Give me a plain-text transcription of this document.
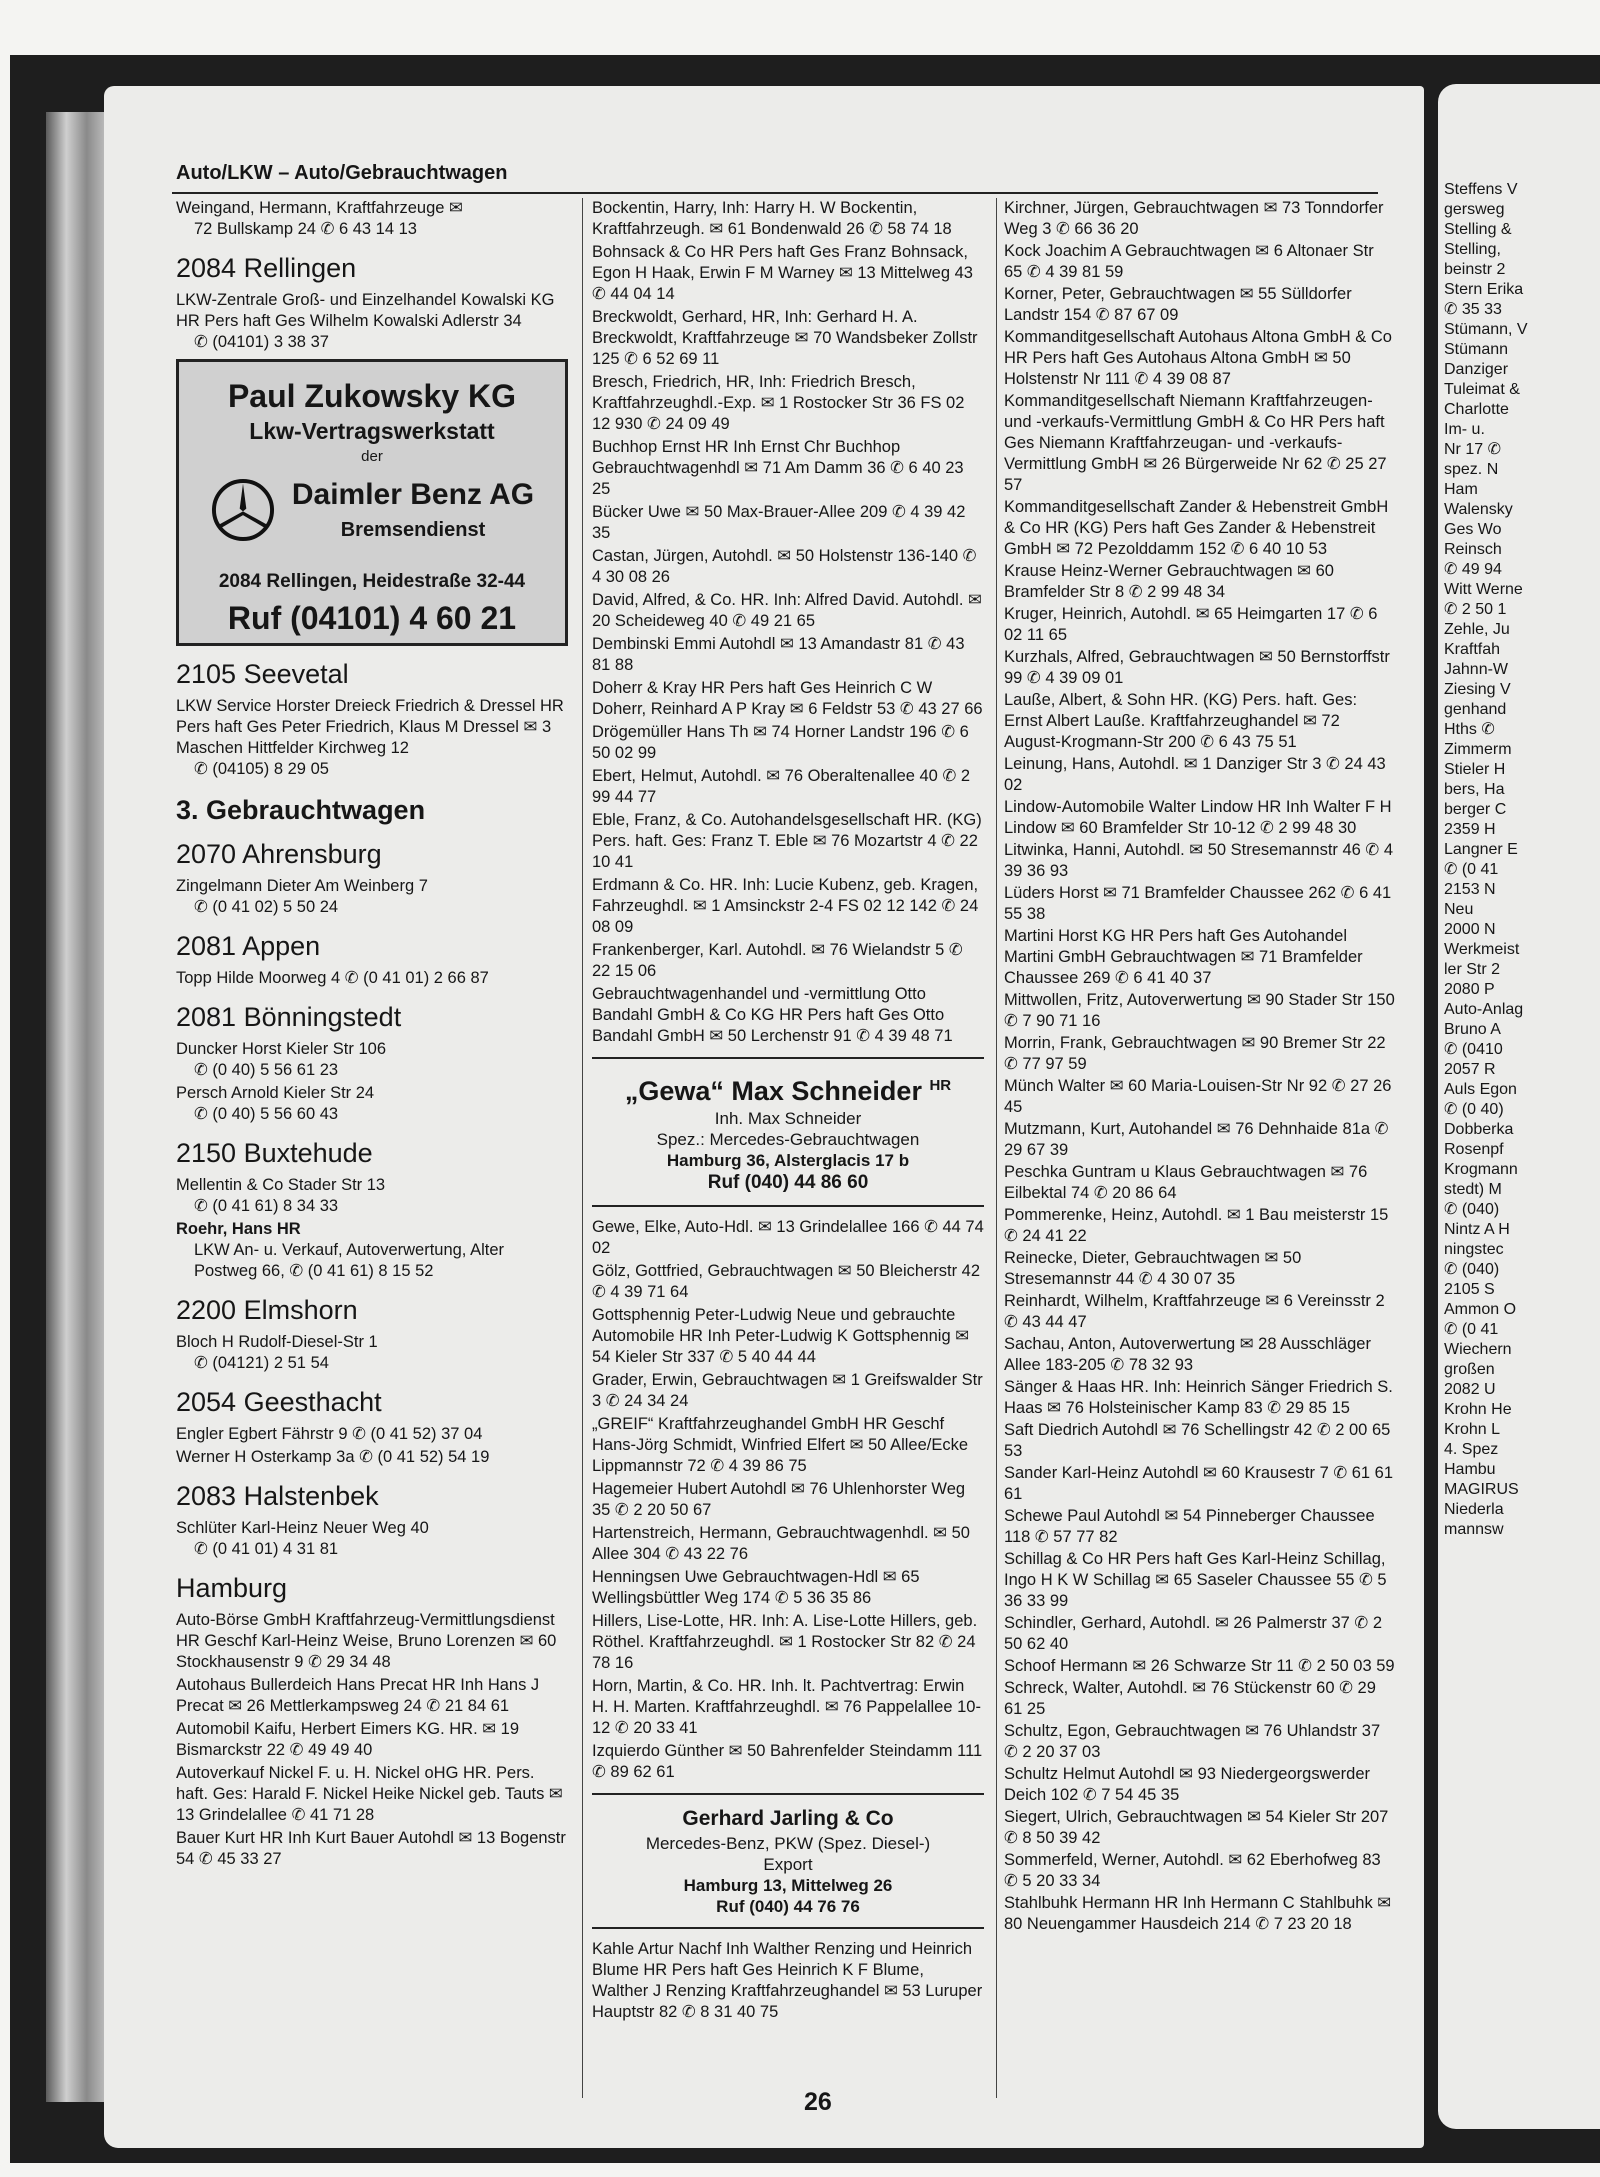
Auto/LKW – Auto/Gebrauchtwagen
Weingand, Hermann, Kraftfahrzeuge ✉
72 Bullskamp 24 ✆ 6 43 14 13
2084 Rellingen
LKW-Zentrale Groß- und Einzelhandel Kowalski KG HR Pers haft Ges Wilhelm Kowalski Adlerstr 34
✆ (04101) 3 38 37
Paul Zukowsky KG
Lkw-Vertragswerkstatt
der
Daimler Benz AG
Bremsendienst
2084 Rellingen, Heidestraße 32-44
Ruf (04101) 4 60 21
2105 Seevetal
LKW Service Horster Dreieck Friedrich & Dressel HR Pers haft Ges Peter Friedrich, Klaus M Dressel ✉ 3 Maschen Hittfelder Kirchweg 12
✆ (04105) 8 29 05
3. Gebrauchtwagen
2070 Ahrensburg
Zingelmann Dieter Am Weinberg 7
✆ (0 41 02) 5 50 24
2081 Appen
Topp Hilde Moorweg 4 ✆ (0 41 01) 2 66 87
2081 Bönningstedt
Duncker Horst Kieler Str 106
✆ (0 40) 5 56 61 23
Persch Arnold Kieler Str 24
✆ (0 40) 5 56 60 43
2150 Buxtehude
Mellentin & Co Stader Str 13
✆ (0 41 61) 8 34 33
Roehr, Hans HR
LKW An- u. Verkauf, Autoverwertung, Alter Postweg 66, ✆ (0 41 61) 8 15 52
2200 Elmshorn
Bloch H Rudolf-Diesel-Str 1
✆ (04121) 2 51 54
2054 Geesthacht
Engler Egbert Fährstr 9 ✆ (0 41 52) 37 04
Werner H Osterkamp 3a ✆ (0 41 52) 54 19
2083 Halstenbek
Schlüter Karl-Heinz Neuer Weg 40
✆ (0 41 01) 4 31 81
Hamburg
Auto-Börse GmbH Kraftfahrzeug-Vermittlungsdienst HR Geschf Karl-Heinz Weise, Bruno Lorenzen ✉ 60 Stockhausenstr 9 ✆ 29 34 48
Autohaus Bullerdeich Hans Precat HR Inh Hans J Precat ✉ 26 Mettlerkampsweg 24 ✆ 21 84 61
Automobil Kaifu, Herbert Eimers KG. HR. ✉ 19 Bismarckstr 22 ✆ 49 49 40
Autoverkauf Nickel F. u. H. Nickel oHG HR. Pers. haft. Ges: Harald F. Nickel Heike Nickel geb. Tauts ✉ 13 Grindelallee ✆ 41 71 28
Bauer Kurt HR Inh Kurt Bauer Autohdl ✉ 13 Bogenstr 54 ✆ 45 33 27
Bockentin, Harry, Inh: Harry H. W Bockentin, Kraftfahrzeugh. ✉ 61 Bondenwald 26 ✆ 58 74 18
Bohnsack & Co HR Pers haft Ges Franz Bohnsack, Egon H Haak, Erwin F M Warney ✉ 13 Mittelweg 43 ✆ 44 04 14
Breckwoldt, Gerhard, HR, Inh: Gerhard H. A. Breckwoldt, Kraftfahrzeuge ✉ 70 Wandsbeker Zollstr 125 ✆ 6 52 69 11
Bresch, Friedrich, HR, Inh: Friedrich Bresch, Kraftfahrzeughdl.-Exp. ✉ 1 Rostocker Str 36 FS 02 12 930 ✆ 24 09 49
Buchhop Ernst HR Inh Ernst Chr Buchhop Gebrauchtwagenhdl ✉ 71 Am Damm 36 ✆ 6 40 23 25
Bücker Uwe ✉ 50 Max-Brauer-Allee 209 ✆ 4 39 42 35
Castan, Jürgen, Autohdl. ✉ 50 Holstenstr 136-140 ✆ 4 30 08 26
David, Alfred, & Co. HR. Inh: Alfred David. Autohdl. ✉ 20 Scheideweg 40 ✆ 49 21 65
Dembinski Emmi Autohdl ✉ 13 Amandastr 81 ✆ 43 81 88
Doherr & Kray HR Pers haft Ges Heinrich C W Doherr, Reinhard A P Kray ✉ 6 Feldstr 53 ✆ 43 27 66
Drögemüller Hans Th ✉ 74 Horner Landstr 196 ✆ 6 50 02 99
Ebert, Helmut, Autohdl. ✉ 76 Oberaltenallee 40 ✆ 2 99 44 77
Eble, Franz, & Co. Autohandelsgesellschaft HR. (KG) Pers. haft. Ges: Franz T. Eble ✉ 76 Mozartstr 4 ✆ 22 10 41
Erdmann & Co. HR. Inh: Lucie Kubenz, geb. Kragen, Fahrzeughdl. ✉ 1 Amsinckstr 2-4 FS 02 12 142 ✆ 24 08 09
Frankenberger, Karl. Autohdl. ✉ 76 Wielandstr 5 ✆ 22 15 06
Gebrauchtwagenhandel und -vermittlung Otto Bandahl GmbH & Co KG HR Pers haft Ges Otto Bandahl GmbH ✉ 50 Lerchenstr 91 ✆ 4 39 48 71
„Gewa“ Max Schneider $^{HR}$
Inh. Max Schneider
Spez.: Mercedes-Gebrauchtwagen
Hamburg 36, Alsterglacis 17 b
Ruf (040) 44 86 60
Gewe, Elke, Auto-Hdl. ✉ 13 Grindelallee 166 ✆ 44 74 02
Gölz, Gottfried, Gebrauchtwagen ✉ 50 Bleicherstr 42 ✆ 4 39 71 64
Gottsphennig Peter-Ludwig Neue und gebrauchte Automobile HR Inh Peter-Ludwig K Gottsphennig ✉ 54 Kieler Str 337 ✆ 5 40 44 44
Grader, Erwin, Gebrauchtwagen ✉ 1 Greifswalder Str 3 ✆ 24 34 24
„GREIF“ Kraftfahrzeughandel GmbH HR Geschf Hans-Jörg Schmidt, Winfried Elfert ✉ 50 Allee/Ecke Lippmannstr 72 ✆ 4 39 86 75
Hagemeier Hubert Autohdl ✉ 76 Uhlenhorster Weg 35 ✆ 2 20 50 67
Hartenstreich, Hermann, Gebrauchtwagenhdl. ✉ 50 Allee 304 ✆ 43 22 76
Henningsen Uwe Gebrauchtwagen-Hdl ✉ 65 Wellingsbüttler Weg 174 ✆ 5 36 35 86
Hillers, Lise-Lotte, HR. Inh: A. Lise-Lotte Hillers, geb. Röthel. Kraftfahrzeughdl. ✉ 1 Rostocker Str 82 ✆ 24 78 16
Horn, Martin, & Co. HR. Inh. lt. Pachtvertrag: Erwin H. H. Marten. Kraftfahrzeughdl. ✉ 76 Pappelallee 10-12 ✆ 20 33 41
Izquierdo Günther ✉ 50 Bahrenfelder Steindamm 111 ✆ 89 62 61
Gerhard Jarling & Co
Mercedes-Benz, PKW (Spez. Diesel-)
Export
Hamburg 13, Mittelweg 26
Ruf (040) 44 76 76
Kahle Artur Nachf Inh Walther Renzing und Heinrich Blume HR Pers haft Ges Heinrich K F Blume, Walther J Renzing Kraftfahrzeughandel ✉ 53 Luruper Hauptstr 82 ✆ 8 31 40 75
Kirchner, Jürgen, Gebrauchtwagen ✉ 73 Tonndorfer Weg 3 ✆ 66 36 20
Kock Joachim A Gebrauchtwagen ✉ 6 Altonaer Str 65 ✆ 4 39 81 59
Korner, Peter, Gebrauchtwagen ✉ 55 Sülldorfer Landstr 154 ✆ 87 67 09
Kommanditgesellschaft Autohaus Altona GmbH & Co HR Pers haft Ges Autohaus Altona GmbH ✉ 50 Holstenstr Nr 111 ✆ 4 39 08 87
Kommanditgesellschaft Niemann Kraftfahrzeugen- und -verkaufs-Vermittlung GmbH & Co HR Pers haft Ges Niemann Kraftfahrzeugan- und -verkaufs-Vermittlung GmbH ✉ 26 Bürgerweide Nr 62 ✆ 25 27 57
Kommanditgesellschaft Zander & Hebenstreit GmbH & Co HR (KG) Pers haft Ges Zander & Hebenstreit GmbH ✉ 72 Pezolddamm 152 ✆ 6 40 10 53
Krause Heinz-Werner Gebrauchtwagen ✉ 60 Bramfelder Str 8 ✆ 2 99 48 34
Kruger, Heinrich, Autohdl. ✉ 65 Heimgarten 17 ✆ 6 02 11 65
Kurzhals, Alfred, Gebrauchtwagen ✉ 50 Bernstorffstr 99 ✆ 4 39 09 01
Lauße, Albert, & Sohn HR. (KG) Pers. haft. Ges: Ernst Albert Lauße. Kraftfahrzeughandel ✉ 72 August-Krogmann-Str 200 ✆ 6 43 75 51
Leinung, Hans, Autohdl. ✉ 1 Danziger Str 3 ✆ 24 43 02
Lindow-Automobile Walter Lindow HR Inh Walter F H Lindow ✉ 60 Bramfelder Str 10-12 ✆ 2 99 48 30
Litwinka, Hanni, Autohdl. ✉ 50 Stresemannstr 46 ✆ 4 39 36 93
Lüders Horst ✉ 71 Bramfelder Chaussee 262 ✆ 6 41 55 38
Martini Horst KG HR Pers haft Ges Autohandel Martini GmbH Gebrauchtwagen ✉ 71 Bramfelder Chaussee 269 ✆ 6 41 40 37
Mittwollen, Fritz, Autoverwertung ✉ 90 Stader Str 150 ✆ 7 90 71 16
Morrin, Frank, Gebrauchtwagen ✉ 90 Bremer Str 22 ✆ 77 97 59
Münch Walter ✉ 60 Maria-Louisen-Str Nr 92 ✆ 27 26 45
Mutzmann, Kurt, Autohandel ✉ 76 Dehnhaide 81a ✆ 29 67 39
Peschka Guntram u Klaus Gebrauchtwagen ✉ 76 Eilbektal 74 ✆ 20 86 64
Pommerenke, Heinz, Autohdl. ✉ 1 Bau meisterstr 15 ✆ 24 41 22
Reinecke, Dieter, Gebrauchtwagen ✉ 50 Stresemannstr 44 ✆ 4 30 07 35
Reinhardt, Wilhelm, Kraftfahrzeuge ✉ 6 Vereinsstr 2 ✆ 43 44 47
Sachau, Anton, Autoverwertung ✉ 28 Ausschläger Allee 183-205 ✆ 78 32 93
Sänger & Haas HR. Inh: Heinrich Sänger Friedrich S. Haas ✉ 76 Holsteinischer Kamp 83 ✆ 29 85 15
Saft Diedrich Autohdl ✉ 76 Schellingstr 42 ✆ 2 00 65 53
Sander Karl-Heinz Autohdl ✉ 60 Krausestr 7 ✆ 61 61 61
Schewe Paul Autohdl ✉ 54 Pinneberger Chaussee 118 ✆ 57 77 82
Schillag & Co HR Pers haft Ges Karl-Heinz Schillag, Ingo H K W Schillag ✉ 65 Saseler Chaussee 55 ✆ 5 36 33 99
Schindler, Gerhard, Autohdl. ✉ 26 Palmerstr 37 ✆ 2 50 62 40
Schoof Hermann ✉ 26 Schwarze Str 11 ✆ 2 50 03 59
Schreck, Walter, Autohdl. ✉ 76 Stückenstr 60 ✆ 29 61 25
Schultz, Egon, Gebrauchtwagen ✉ 76 Uhlandstr 37 ✆ 2 20 37 03
Schultz Helmut Autohdl ✉ 93 Niedergeorgswerder Deich 102 ✆ 7 54 45 35
Siegert, Ulrich, Gebrauchtwagen ✉ 54 Kieler Str 207 ✆ 8 50 39 42
Sommerfeld, Werner, Autohdl. ✉ 62 Eberhofweg 83 ✆ 5 20 33 34
Stahlbuhk Hermann HR Inh Hermann C Stahlbuhk ✉ 80 Neuengammer Hausdeich 214 ✆ 7 23 20 18
26
Steffens V
gersweg
Stelling &
Stelling,
beinstr 2
Stern Erika
✆ 35 33
Stümann, V
Stümann
Danziger
Tuleimat &
Charlotte
Im- u.
Nr 17 ✆
spez. N
Ham
Walensky
Ges Wo
Reinsch
✆ 49 94
Witt Werne
✆ 2 50 1
Zehle, Ju
Kraftfah
Jahnn-W
Ziesing V
genhand
Hths ✆
Zimmerm
Stieler H
bers, Ha
berger C
2359 H
Langner E
✆ (0 41
2153 N
Neu
2000 N
Werkmeist
ler Str 2
2080 P
Auto-Anlag
Bruno A
✆ (0410
2057 R
Auls Egon
✆ (0 40)
Dobberka
Rosenpf
Krogmann
stedt) M
✆ (040)
Nintz A H
ningstec
✆ (040)
2105 S
Ammon O
✆ (0 41
Wiechern
großen
2082 U
Krohn He
Krohn L
4. Spez
Hambu
MAGIRUS
Niederla
mannsw
